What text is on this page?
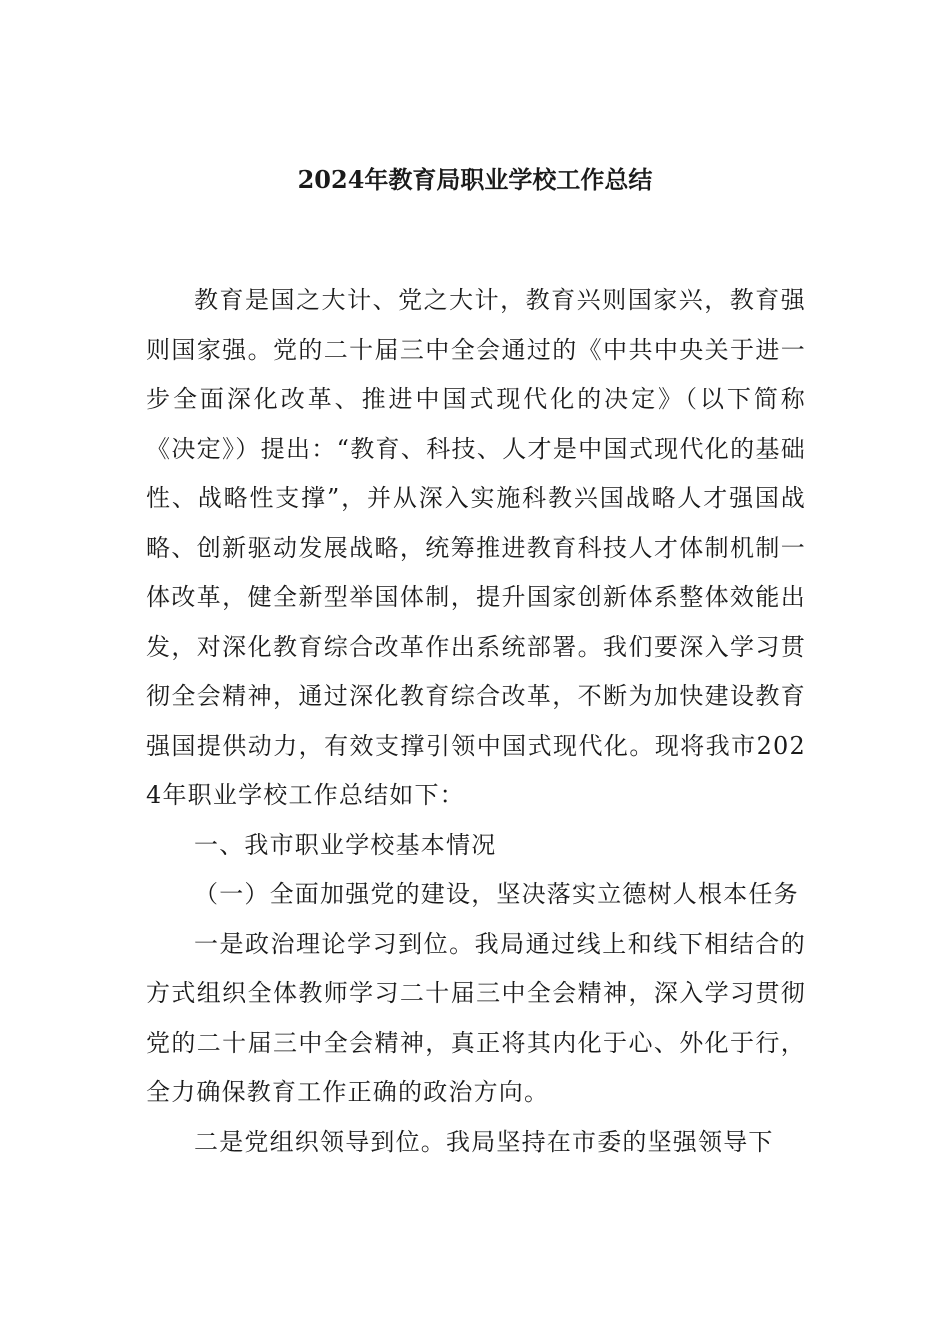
2024年教育局职业学校工作总结

教育是国之大计、党之大计，教育兴则国家兴，教育强则国家强。党的二十届三中全会通过的《中共中央关于进一步全面深化改革、推进中国式现代化的决定》（以下简称《决定》）提出：“教育、科技、人才是中国式现代化的基础性、战略性支撑”，并从深入实施科教兴国战略人才强国战略、创新驱动发展战略，统筹推进教育科技人才体制机制一体改革，健全新型举国体制，提升国家创新体系整体效能出发，对深化教育综合改革作出系统部署。我们要深入学习贯彻全会精神，通过深化教育综合改革，不断为加快建设教育强国提供动力，有效支撑引领中国式现代化。现将我市2024年职业学校工作总结如下：

一、我市职业学校基本情况

（一）全面加强党的建设，坚决落实立德树人根本任务

一是政治理论学习到位。我局通过线上和线下相结合的方式组织全体教师学习二十届三中全会精神，深入学习贯彻党的二十届三中全会精神，真正将其内化于心、外化于行，全力确保教育工作正确的政治方向。

二是党组织领导到位。我局坚持在市委的坚强领导下
